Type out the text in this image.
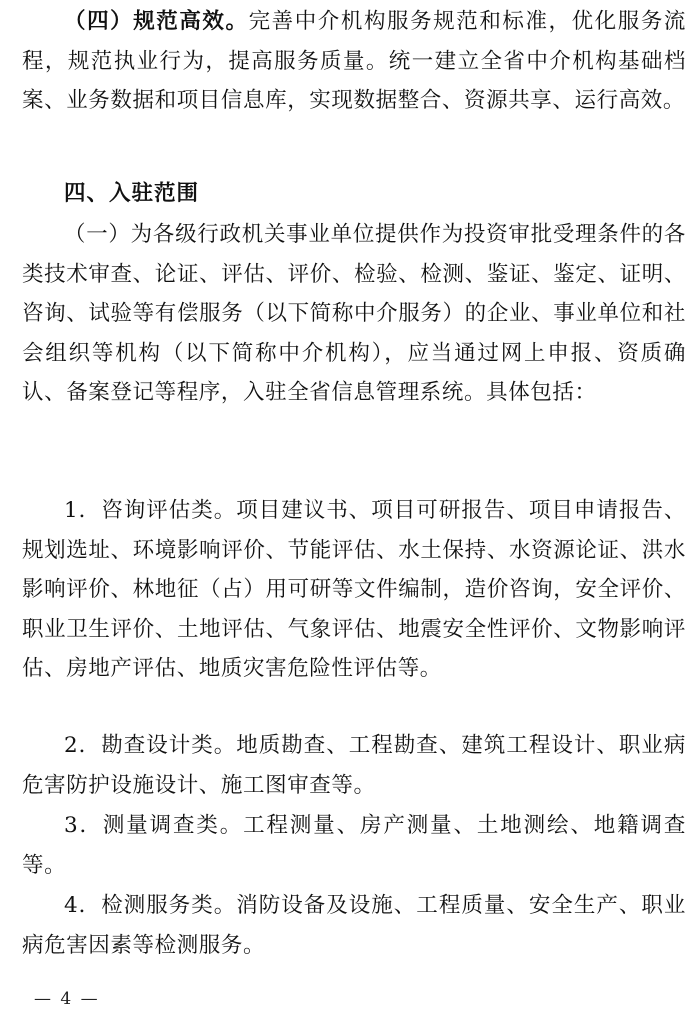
（四）规范高效。完善中介机构服务规范和标准，优化服务流程，规范执业行为，提高服务质量。统一建立全省中介机构基础档案、业务数据和项目信息库，实现数据整合、资源共享、运行高效。

四、入驻范围

（一）为各级行政机关事业单位提供作为投资审批受理条件的各类技术审查、论证、评估、评价、检验、检测、鉴证、鉴定、证明、咨询、试验等有偿服务（以下简称中介服务）的企业、事业单位和社会组织等机构（以下简称中介机构），应当通过网上申报、资质确认、备案登记等程序，入驻全省信息管理系统。具体包括：

1．咨询评估类。项目建议书、项目可研报告、项目申请报告、规划选址、环境影响评价、节能评估、水土保持、水资源论证、洪水影响评价、林地征（占）用可研等文件编制，造价咨询，安全评价、职业卫生评价、土地评估、气象评估、地震安全性评价、文物影响评估、房地产评估、地质灾害危险性评估等。

2．勘查设计类。地质勘查、工程勘查、建筑工程设计、职业病危害防护设施设计、施工图审查等。

3．测量调查类。工程测量、房产测量、土地测绘、地籍调查等。

4．检测服务类。消防设备及设施、工程质量、安全生产、职业病危害因素等检测服务。

— 4 —
